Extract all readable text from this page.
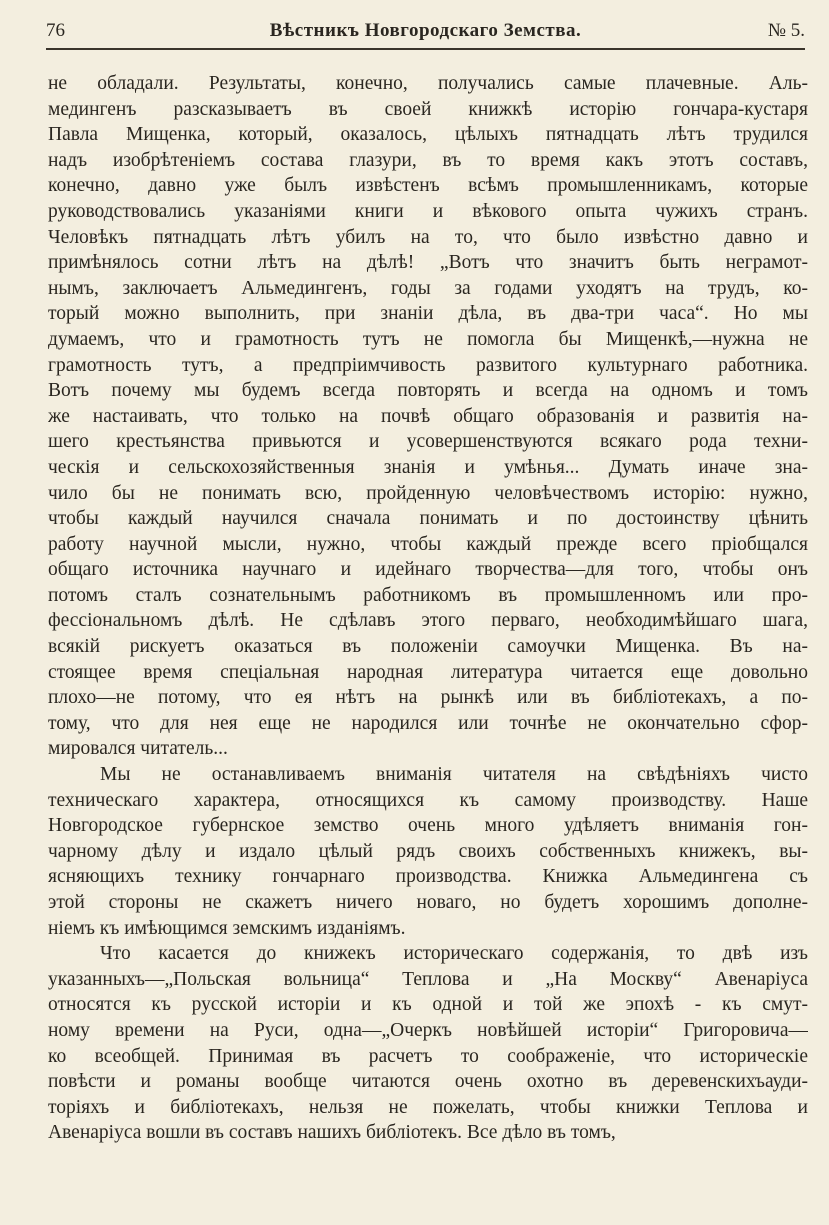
76	Вѣстникъ Новгородскаго Земства.	№ 5.
не обладали. Результаты, конечно, получались самые плачевные. Аль-
медингенъ разсказываетъ въ своей книжкѣ исторію гончара-кустаря
Павла Мищенка, который, оказалось, цѣлыхъ пятнадцать лѣтъ трудился
надъ изобрѣтеніемъ состава глазури, въ то время какъ этотъ составъ,
конечно, давно уже былъ извѣстенъ всѣмъ промышленникамъ, которые
руководствовались указаніями книги и вѣкового опыта чужихъ странъ.
Человѣкъ пятнадцать лѣтъ убилъ на то, что было извѣстно давно и
примѣнялось сотни лѣтъ на дѣлѣ! „Вотъ что значитъ быть неграмот-
нымъ, заключаетъ Альмедингенъ, годы за годами уходятъ на трудъ, ко-
торый можно выполнить, при знаніи дѣла, въ два-три часа“. Но мы
думаемъ, что и грамотность тутъ не помогла бы Мищенкѣ,—нужна не
грамотность тутъ, а предпріимчивость развитого культурнаго работника.
Вотъ почему мы будемъ всегда повторять и всегда на одномъ и томъ
же настаивать, что только на почвѣ общаго образованія и развитія на-
шего крестьянства привьются и усовершенствуются всякаго рода техни-
ческія и сельскохозяйственныя знанія и умѣнья... Думать иначе зна-
чило бы не понимать всю, пройденную человѣчествомъ исторію: нужно,
чтобы каждый научился сначала понимать и по достоинству цѣнить
работу научной мысли, нужно, чтобы каждый прежде всего пріобщался
общаго источника научнаго и идейнаго творчества—для того, чтобы онъ
потомъ сталъ сознательнымъ работникомъ въ промышленномъ или про-
фессіональномъ дѣлѣ. Не сдѣлавъ этого перваго, необходимѣйшаго шага,
всякій рискуетъ оказаться въ положеніи самоучки Мищенка. Въ на-
стоящее время спеціальная народная литература читается еще довольно
плохо—не потому, что ея нѣтъ на рынкѣ или въ библіотекахъ, а по-
тому, что для нея еще не народился или точнѣе не окончательно сфор-
мировался читатель...
Мы не останавливаемъ вниманія читателя на свѣдѣніяхъ чисто
техническаго характера, относящихся къ самому производству. Наше
Новгородское губернское земство очень много удѣляетъ вниманія гон-
чарному дѣлу и издало цѣлый рядъ своихъ собственныхъ книжекъ, вы-
ясняющихъ технику гончарнаго производства. Книжка Альмедингена съ
этой стороны не скажетъ ничего новаго, но будетъ хорошимъ дополне-
ніемъ къ имѣющимся земскимъ изданіямъ.
Что касается до книжекъ историческаго содержанія, то двѣ изъ
указанныхъ—„Польская вольница“ Теплова и „На Москву“ Авенаріуса
относятся къ русской исторіи и къ одной и той же эпохѣ - къ смут-
ному времени на Руси, одна—„Очеркъ новѣйшей исторіи“ Григоровича—
ко всеобщей. Принимая въ расчетъ то соображеніе, что историческіе
повѣсти и романы вообще читаются очень охотно въ деревенскихъауди-
торіяхъ и библіотекахъ, нельзя не пожелать, чтобы книжки Теплова и
Авенаріуса вошли въ составъ нашихъ библіотекъ. Все дѣло въ томъ,
